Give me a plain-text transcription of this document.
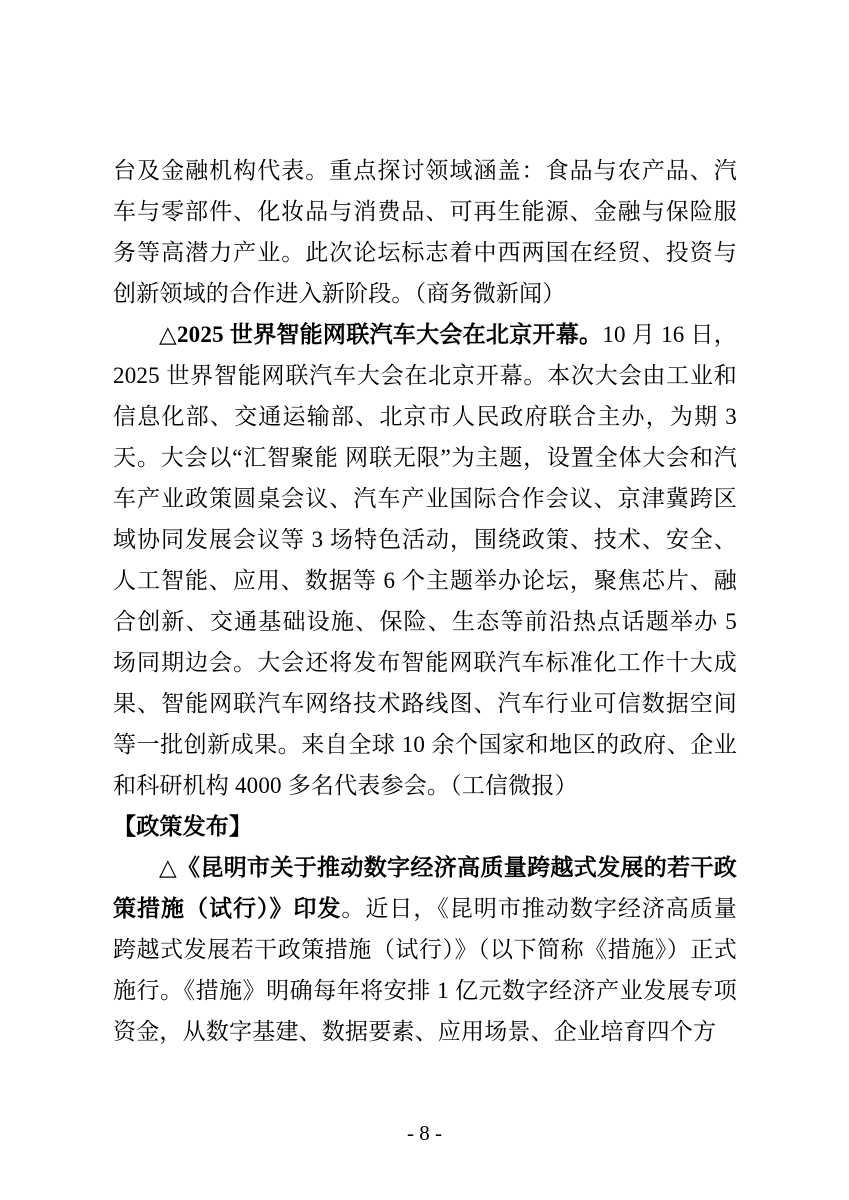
台及金融机构代表。重点探讨领域涵盖：食品与农产品、汽车与零部件、化妆品与消费品、可再生能源、金融与保险服务等高潜力产业。此次论坛标志着中西两国在经贸、投资与创新领域的合作进入新阶段。（商务微新闻）

△2025 世界智能网联汽车大会在北京开幕。10 月 16 日，2025 世界智能网联汽车大会在北京开幕。本次大会由工业和信息化部、交通运输部、北京市人民政府联合主办，为期 3 天。大会以“汇智聚能 网联无限”为主题，设置全体大会和汽车产业政策圆桌会议、汽车产业国际合作会议、京津冀跨区域协同发展会议等 3 场特色活动，围绕政策、技术、安全、人工智能、应用、数据等 6 个主题举办论坛，聚焦芯片、融合创新、交通基础设施、保险、生态等前沿热点话题举办 5 场同期边会。大会还将发布智能网联汽车标准化工作十大成果、智能网联汽车网络技术路线图、汽车行业可信数据空间等一批创新成果。来自全球 10 余个国家和地区的政府、企业和科研机构 4000 多名代表参会。（工信微报）

【政策发布】

△《昆明市关于推动数字经济高质量跨越式发展的若干政策措施（试行）》印发。近日，《昆明市推动数字经济高质量跨越式发展若干政策措施（试行）》（以下简称《措施》）正式施行。《措施》明确每年将安排 1 亿元数字经济产业发展专项资金，从数字基建、数据要素、应用场景、企业培育四个方

- 8 -
